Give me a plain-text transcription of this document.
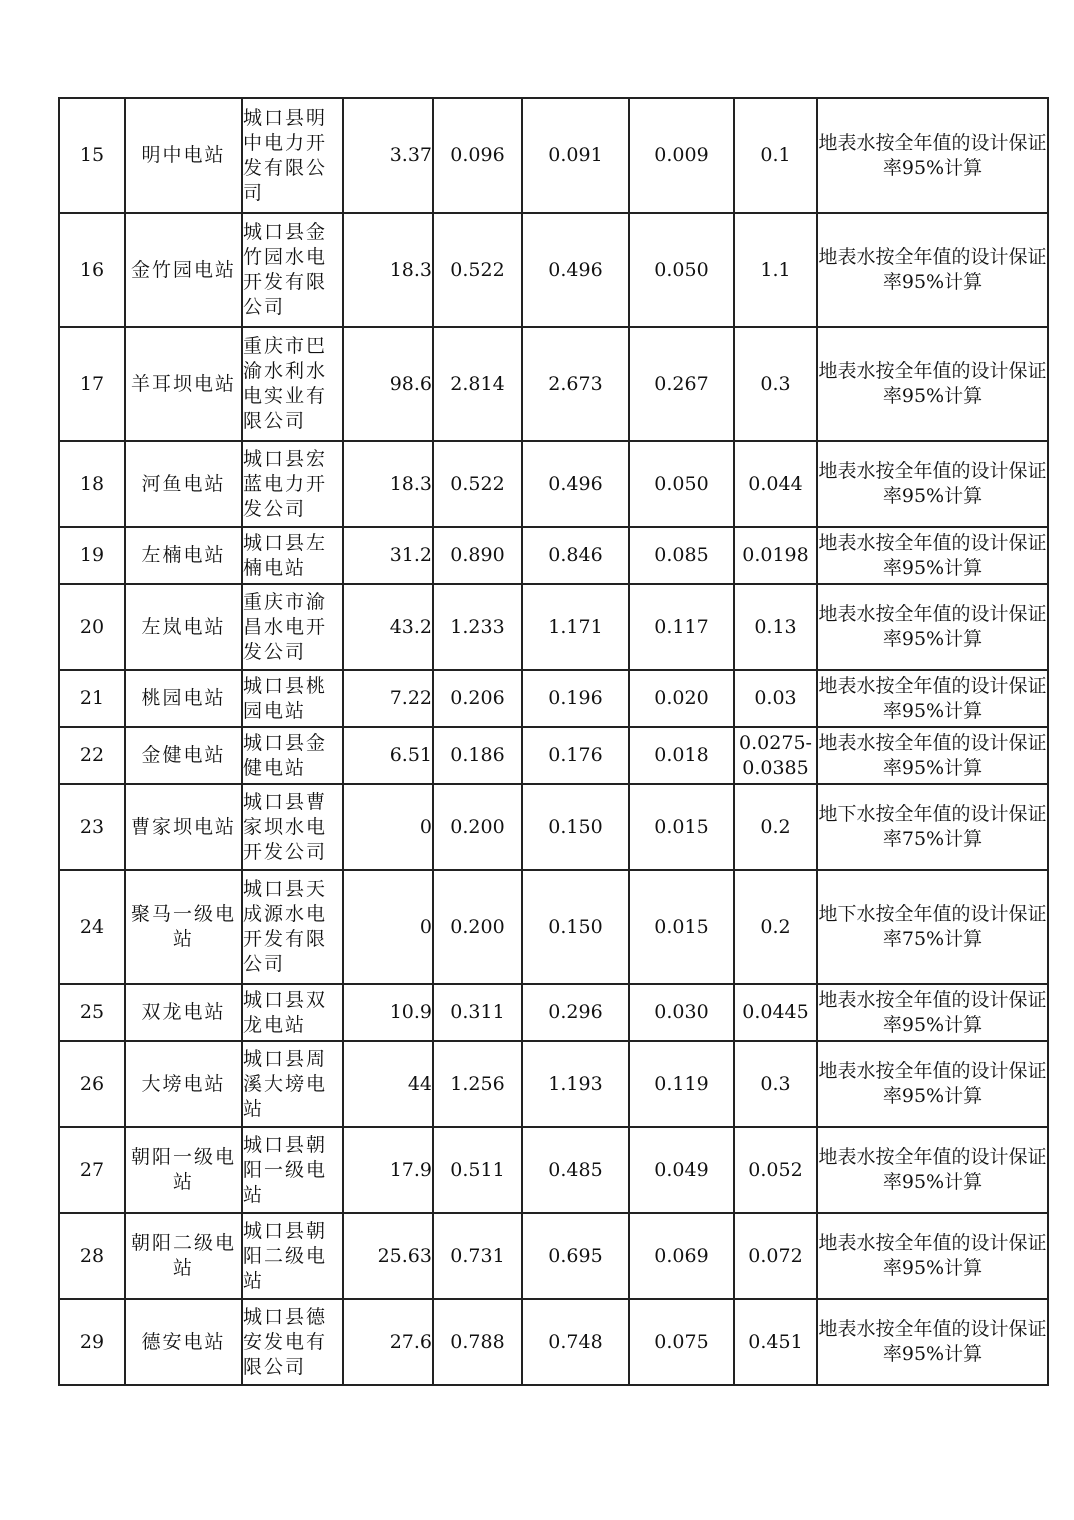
15	明中电站	城口县明中电力开发有限公司	3.37	0.096	0.091	0.009	0.1	地表水按全年值的设计保证率95%计算
16	金竹园电站	城口县金竹园水电开发有限公司	18.3	0.522	0.496	0.050	1.1	地表水按全年值的设计保证率95%计算
17	羊耳坝电站	重庆市巴渝水利水电实业有限公司	98.6	2.814	2.673	0.267	0.3	地表水按全年值的设计保证率95%计算
18	河鱼电站	城口县宏蓝电力开发公司	18.3	0.522	0.496	0.050	0.044	地表水按全年值的设计保证率95%计算
19	左楠电站	城口县左楠电站	31.2	0.890	0.846	0.085	0.0198	地表水按全年值的设计保证率95%计算
20	左岚电站	重庆市渝昌水电开发公司	43.2	1.233	1.171	0.117	0.13	地表水按全年值的设计保证率95%计算
21	桃园电站	城口县桃园电站	7.22	0.206	0.196	0.020	0.03	地表水按全年值的设计保证率95%计算
22	金健电站	城口县金健电站	6.51	0.186	0.176	0.018	0.0275-0.0385	地表水按全年值的设计保证率95%计算
23	曹家坝电站	城口县曹家坝水电开发公司	0	0.200	0.150	0.015	0.2	地下水按全年值的设计保证率75%计算
24	聚马一级电站	城口县天成源水电开发有限公司	0	0.200	0.150	0.015	0.2	地下水按全年值的设计保证率75%计算
25	双龙电站	城口县双龙电站	10.9	0.311	0.296	0.030	0.0445	地表水按全年值的设计保证率95%计算
26	大塝电站	城口县周溪大塝电站	44	1.256	1.193	0.119	0.3	地表水按全年值的设计保证率95%计算
27	朝阳一级电站	城口县朝阳一级电站	17.9	0.511	0.485	0.049	0.052	地表水按全年值的设计保证率95%计算
28	朝阳二级电站	城口县朝阳二级电站	25.63	0.731	0.695	0.069	0.072	地表水按全年值的设计保证率95%计算
29	德安电站	城口县德安发电有限公司	27.6	0.788	0.748	0.075	0.451	地表水按全年值的设计保证率95%计算
